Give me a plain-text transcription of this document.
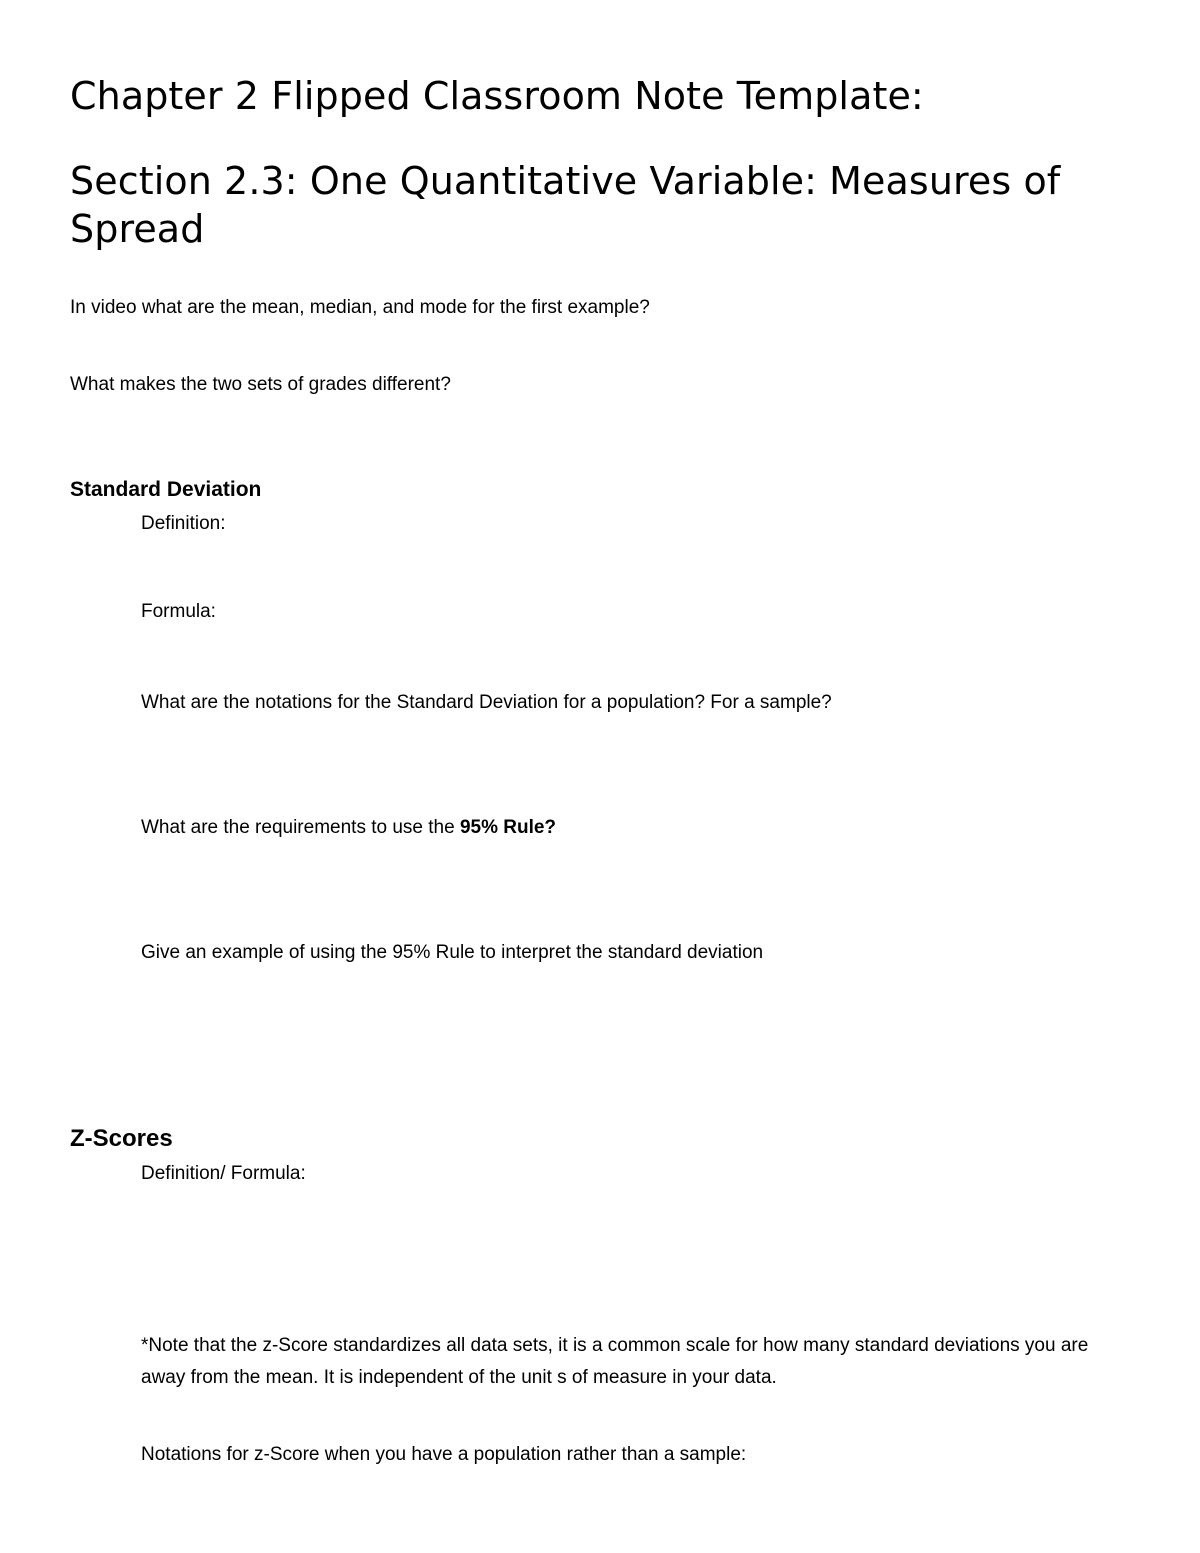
Chapter 2 Flipped Classroom Note Template:
Section 2.3: One Quantitative Variable: Measures of Spread

In video what are the mean, median, and mode for the first example?

What makes the two sets of grades different?

Standard Deviation

Definition:

Formula:

What are the notations for the Standard Deviation for a population? For a sample?

What are the requirements to use the 95% Rule?

Give an example of using the 95% Rule to interpret the standard deviation

Z-Scores

Definition/ Formula:

*Note that the z-Score standardizes all data sets, it is a common scale for how many standard deviations you are away from the mean. It is independent of the unit s of measure in your data.

Notations for z-Score when you have a population rather than a sample:
